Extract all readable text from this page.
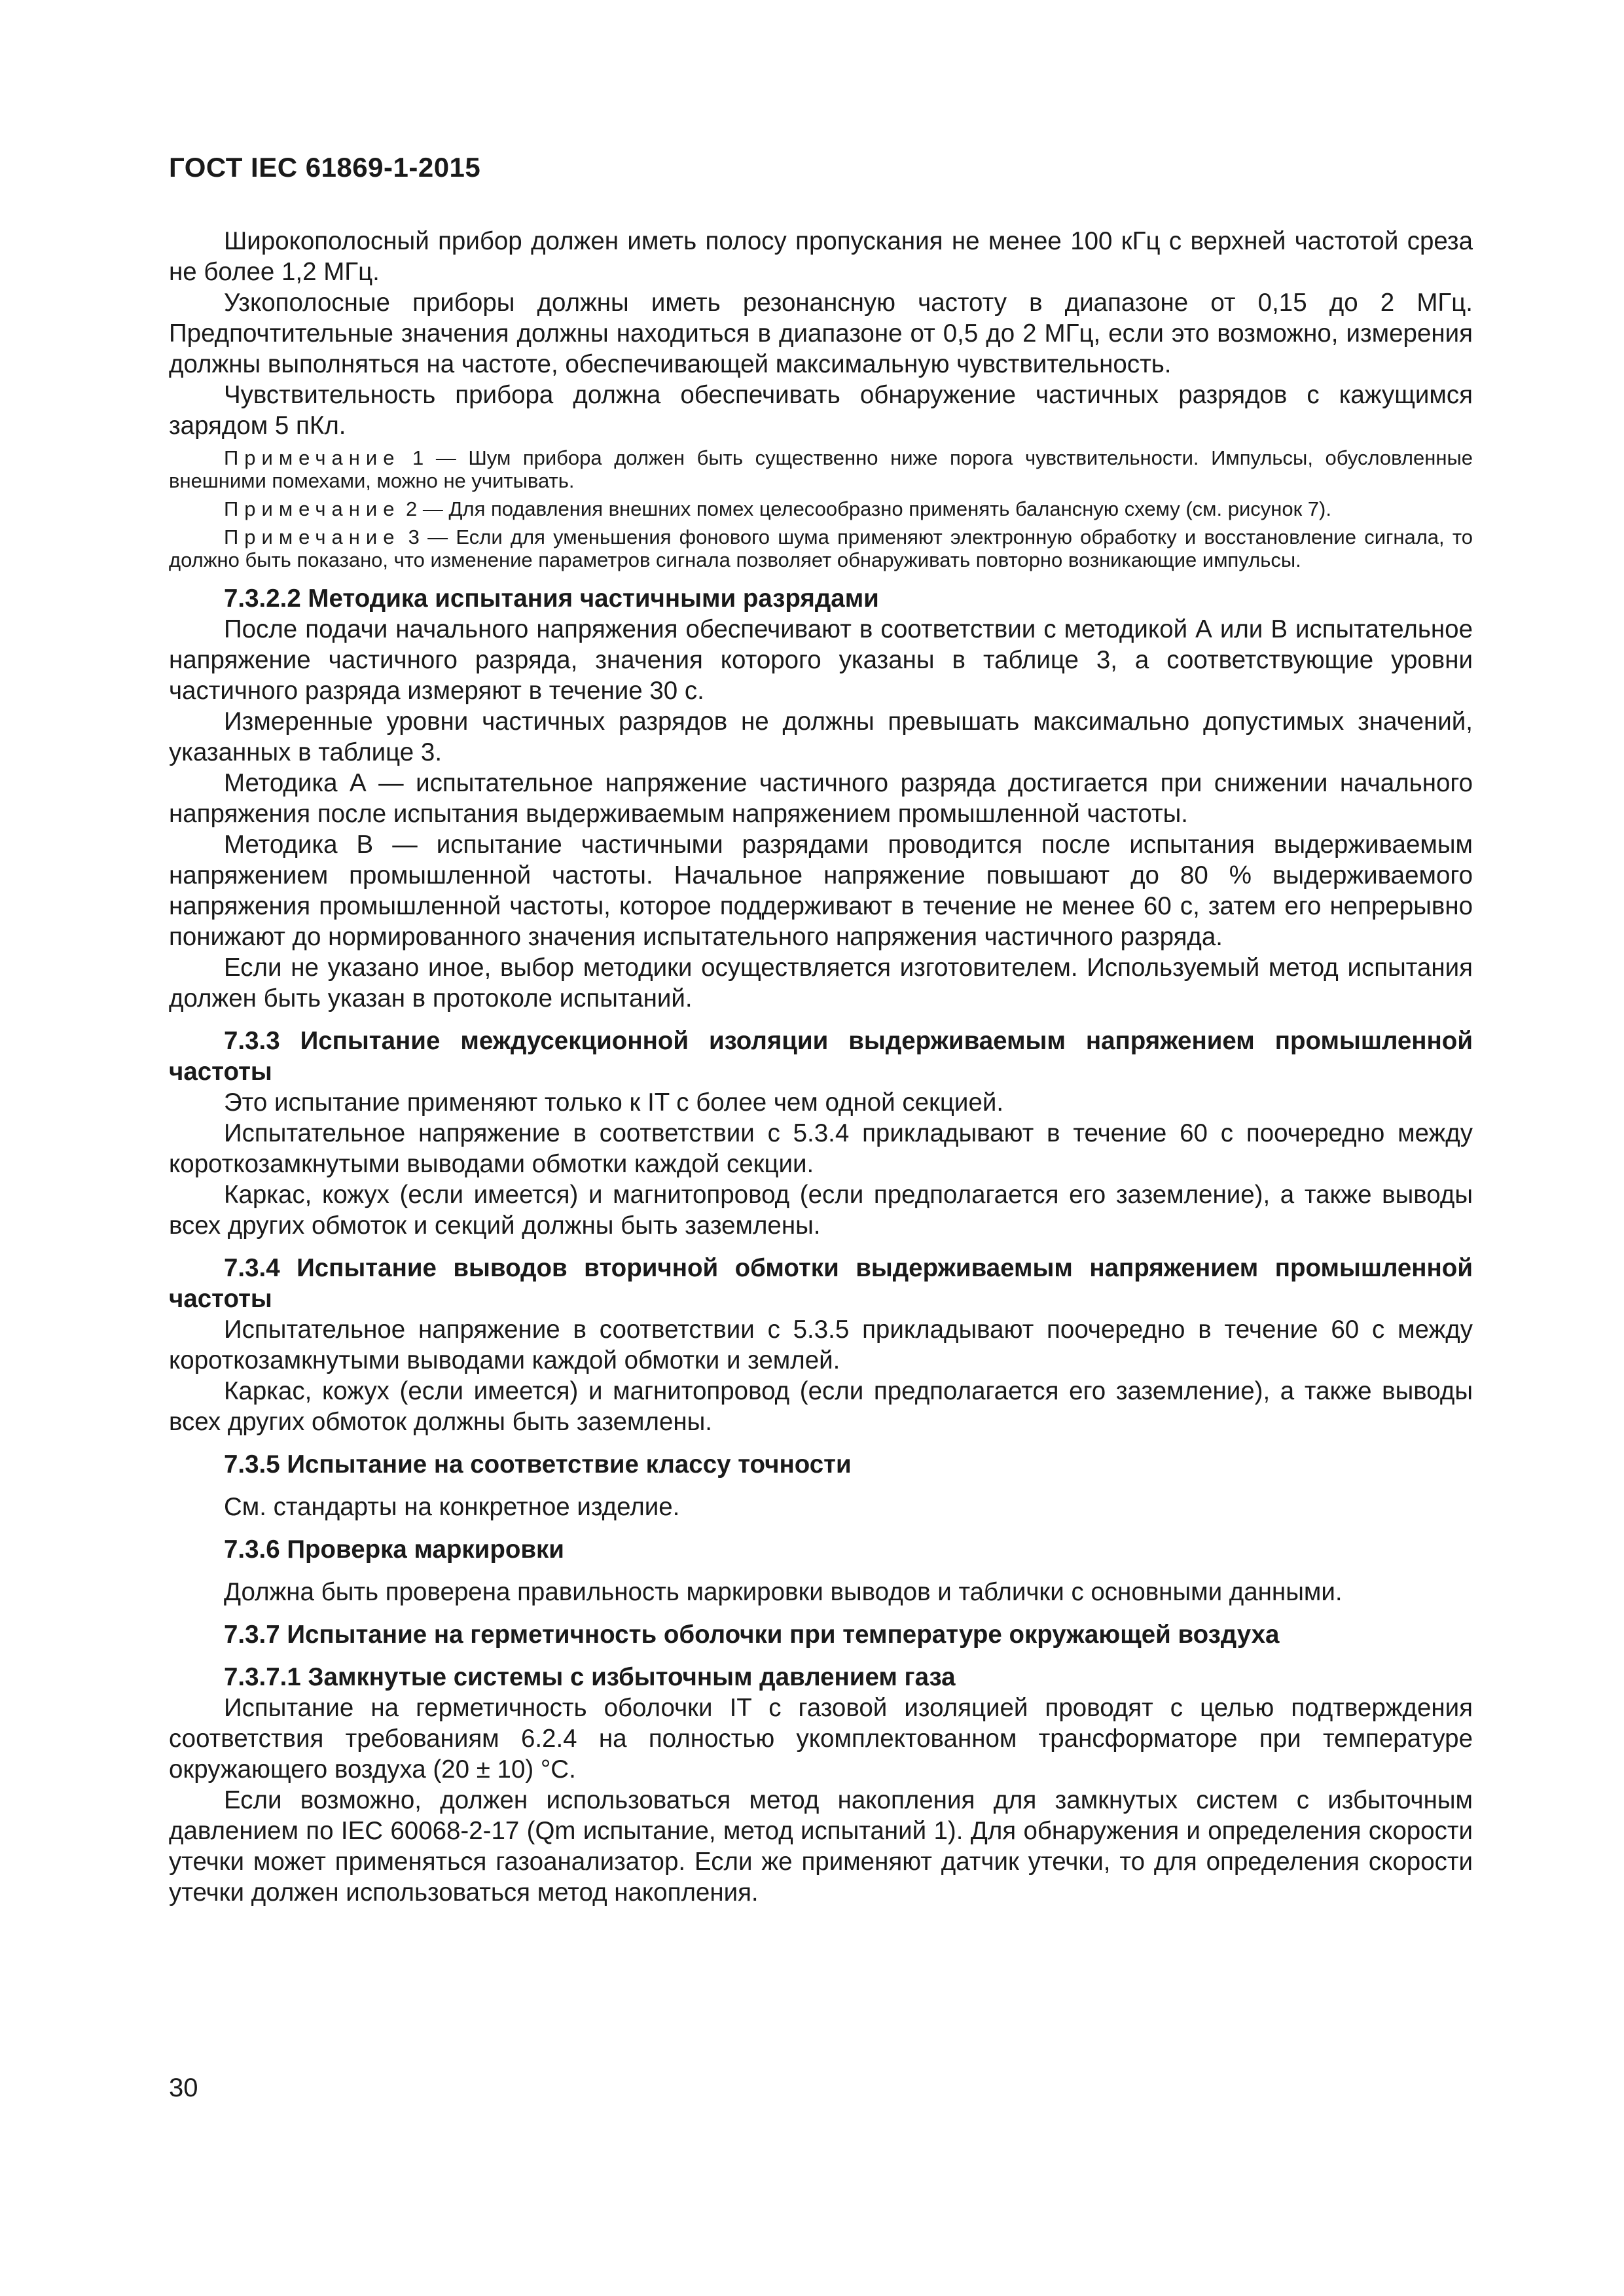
ГОСТ IEC 61869-1-2015

Широкополосный прибор должен иметь полосу пропускания не менее 100 кГц с верхней частотой среза не более 1,2 МГц.

Узкополосные приборы должны иметь резонансную частоту в диапазоне от 0,15 до 2 МГц. Предпочтительные значения должны находиться в диапазоне от 0,5 до 2 МГц, если это возможно, измерения должны выполняться на частоте, обеспечивающей максимальную чувствительность.

Чувствительность прибора должна обеспечивать обнаружение частичных разрядов с кажущимся зарядом 5 пКл.

Примечание 1 — Шум прибора должен быть существенно ниже порога чувствительности. Импульсы, обусловленные внешними помехами, можно не учитывать.

Примечание 2 — Для подавления внешних помех целесообразно применять балансную схему (см. рисунок 7).

Примечание 3 — Если для уменьшения фонового шума применяют электронную обработку и восстановление сигнала, то должно быть показано, что изменение параметров сигнала позволяет обнаруживать повторно возникающие импульсы.

7.3.2.2 Методика испытания частичными разрядами

После подачи начального напряжения обеспечивают в соответствии с методикой А или В испытательное напряжение частичного разряда, значения которого указаны в таблице 3, а соответствующие уровни частичного разряда измеряют в течение 30 с.

Измеренные уровни частичных разрядов не должны превышать максимально допустимых значений, указанных в таблице 3.

Методика А — испытательное напряжение частичного разряда достигается при снижении начального напряжения после испытания выдерживаемым напряжением промышленной частоты.

Методика В — испытание частичными разрядами проводится после испытания выдерживаемым напряжением промышленной частоты. Начальное напряжение повышают до 80 % выдерживаемого напряжения промышленной частоты, которое поддерживают в течение не менее 60 с, затем его непрерывно понижают до нормированного значения испытательного напряжения частичного разряда.

Если не указано иное, выбор методики осуществляется изготовителем. Используемый метод испытания должен быть указан в протоколе испытаний.

7.3.3 Испытание междусекционной изоляции выдерживаемым напряжением промышленной частоты

Это испытание применяют только к IT с более чем одной секцией.

Испытательное напряжение в соответствии с 5.3.4 прикладывают в течение 60 с поочередно между короткозамкнутыми выводами обмотки каждой секции.

Каркас, кожух (если имеется) и магнитопровод (если предполагается его заземление), а также выводы всех других обмоток и секций должны быть заземлены.

7.3.4 Испытание выводов вторичной обмотки выдерживаемым напряжением промышленной частоты

Испытательное напряжение в соответствии с 5.3.5 прикладывают поочередно в течение 60 с между короткозамкнутыми выводами каждой обмотки и землей.

Каркас, кожух (если имеется) и магнитопровод (если предполагается его заземление), а также выводы всех других обмоток должны быть заземлены.

7.3.5 Испытание на соответствие классу точности

См. стандарты на конкретное изделие.

7.3.6 Проверка маркировки

Должна быть проверена правильность маркировки выводов и таблички с основными данными.

7.3.7 Испытание на герметичность оболочки при температуре окружающей воздуха
7.3.7.1 Замкнутые системы с избыточным давлением газа

Испытание на герметичность оболочки IT с газовой изоляцией проводят с целью подтверждения соответствия требованиям 6.2.4 на полностью укомплектованном трансформаторе при температуре окружающего воздуха (20 ± 10) °С.

Если возможно, должен использоваться метод накопления для замкнутых систем с избыточным давлением по IEC 60068-2-17 (Qm испытание, метод испытаний 1). Для обнаружения и определения скорости утечки может применяться газоанализатор. Если же применяют датчик утечки, то для определения скорости утечки должен использоваться метод накопления.

30
